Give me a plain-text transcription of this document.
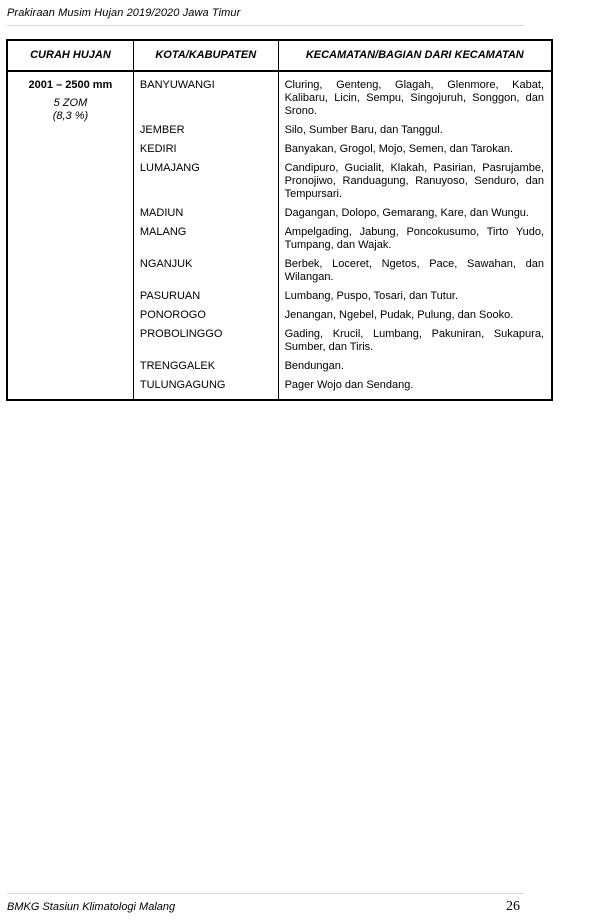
Prakiraan Musim Hujan 2019/2020 Jawa Timur
CURAH HUJAN	KOTA/KABUPATEN	KECAMATAN/BAGIAN DARI KECAMATAN

2001 – 2500 mm
5 ZOM
(8,3 %)	BANYUWANGI	Cluring, Genteng, Glagah, Glenmore, Kabat, Kalibaru, Licin, Sempu, Singojuruh, Songgon, dan Srono.
	JEMBER	Silo, Sumber Baru, dan Tanggul.
	KEDIRI	Banyakan, Grogol, Mojo, Semen, dan Tarokan.
	LUMAJANG	Candipuro, Gucialit, Klakah, Pasirian, Pasrujambe, Pronojiwo, Randuagung, Ranuyoso, Senduro, dan Tempursari.
	MADIUN	Dagangan, Dolopo, Gemarang, Kare, dan Wungu.
	MALANG	Ampelgading, Jabung, Poncokusumo, Tirto Yudo, Tumpang, dan Wajak.
	NGANJUK	Berbek, Loceret, Ngetos, Pace, Sawahan, dan Wilangan.
	PASURUAN	Lumbang, Puspo, Tosari, dan Tutur.
	PONOROGO	Jenangan, Ngebel, Pudak, Pulung, dan Sooko.
	PROBOLINGGO	Gading, Krucil, Lumbang, Pakuniran, Sukapura, Sumber, dan Tiris.
	TRENGGALEK	Bendungan.
	TULUNGAGUNG	Pager Wojo dan Sendang.
BMKG Stasiun Klimatologi Malang	26
